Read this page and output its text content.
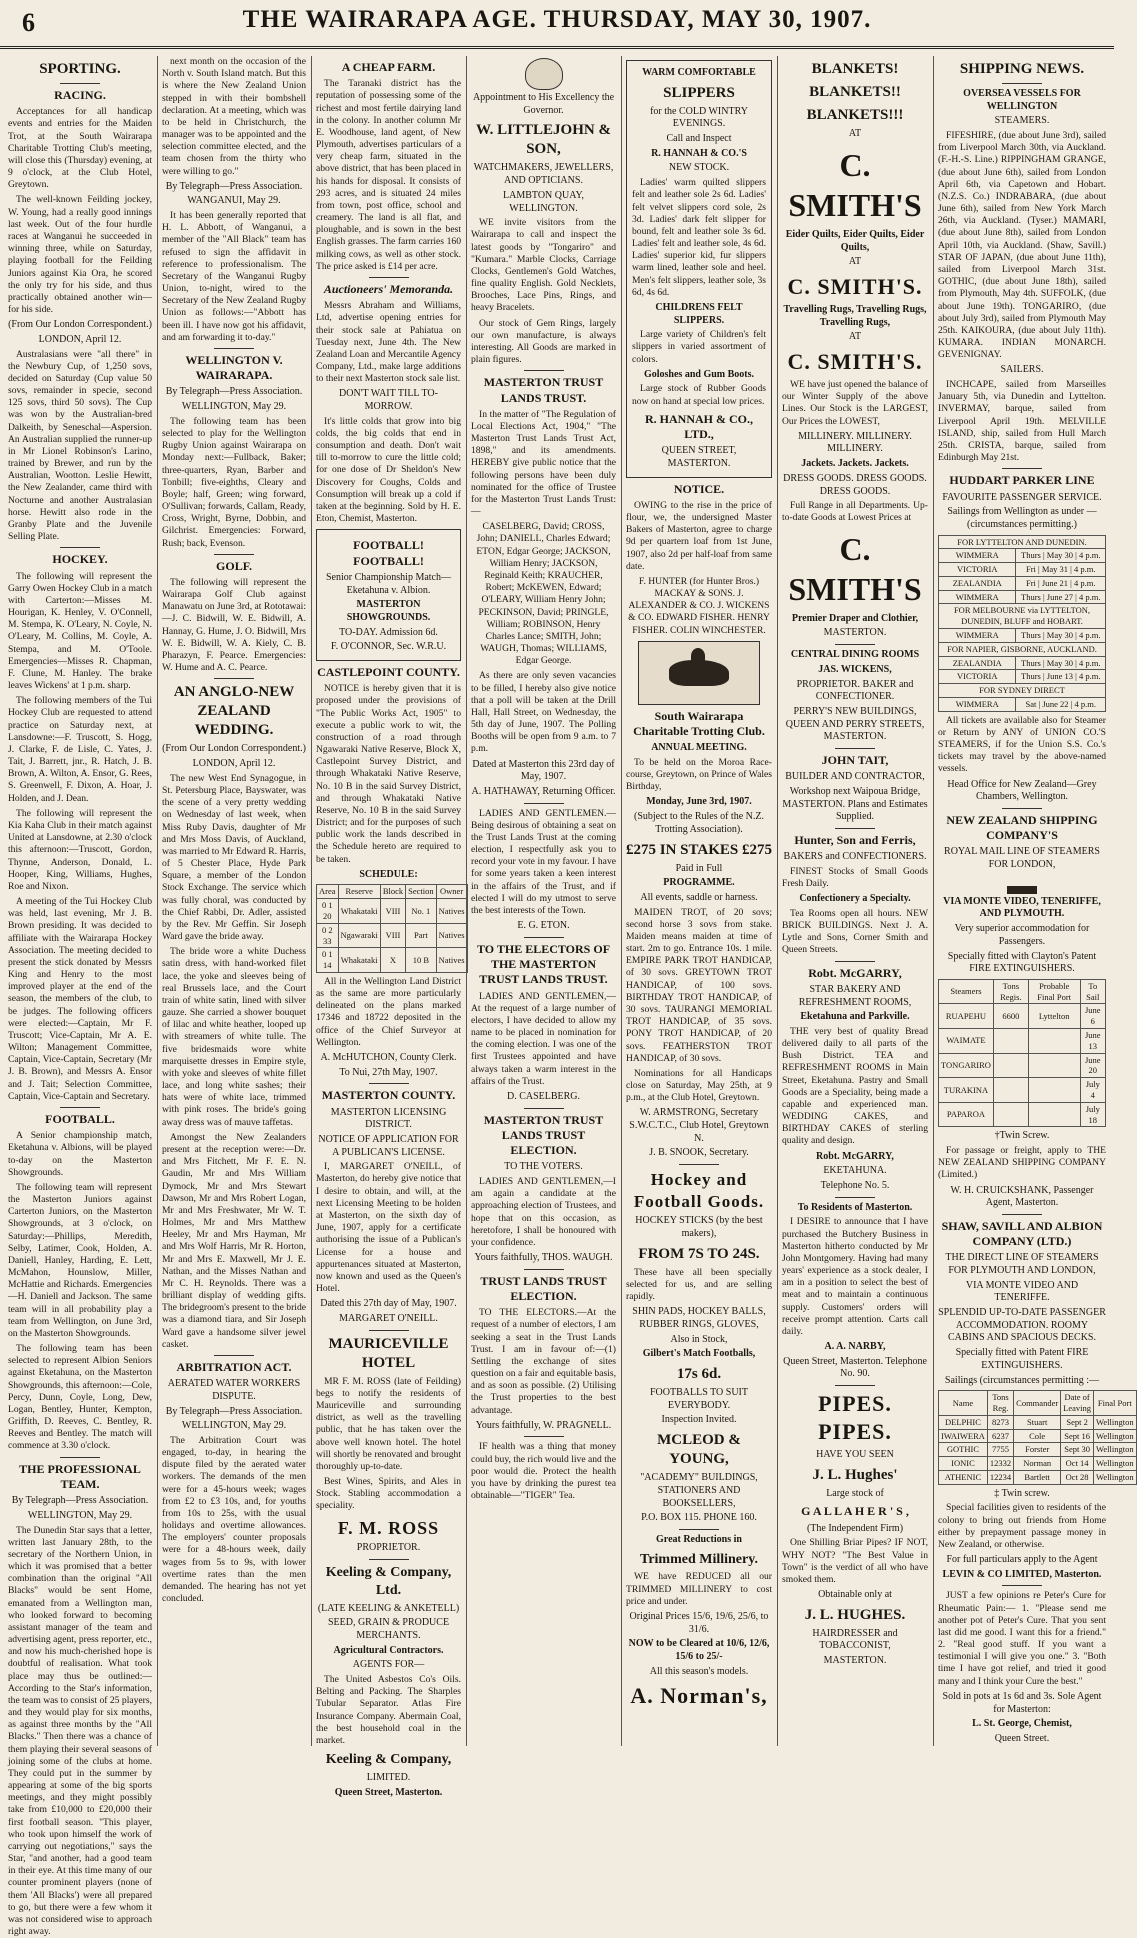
6	THE WAIRARAPA AGE. THURSDAY, MAY 30, 1907.
SPORTING.
RACING.

Acceptances for all handicap events and entries for the Maiden Trot, at the South Wairarapa Charitable Trotting Club's meeting, will close this (Thursday) evening, at 9 o'clock, at the Club Hotel, Greytown.

The well-known Feilding jockey, W. Young, had a really good innings last week. Out of the four hurdle races at Wanganui he succeeded in winning three, while on Saturday, playing football for the Feilding Juniors against Kia Ora, he scored the only try for his side, and thus practically obtained another win—for his side.

(From Our London Correspondent.)
LONDON, April 12.

Australasians were "all there" in the Newbury Cup, of 1,250 sovs, decided on Saturday (Cup value 50 sovs, remainder in specie, second 125 sovs, third 50 sovs). The Cup was won by the Australian-bred Dalkeith, by Seneschal—Aspersion. An Australian supplied the runner-up in Mr Lionel Robinson's Larino, trained by Brewer, and run by the Australian, Wootton. Leslie Hewitt, the New Zealander, came third with Nocturne and another Australasian horse. Hewitt also rode in the Granby Plate and the Juvenile Selling Plate.

HOCKEY.

The following will represent the Garry Owen Hockey Club in a match with Carterton:—Misses M. Hourigan, K. Henley, V. O'Connell, M. Stempa, K. O'Leary, N. Coyle, N. O'Leary, M. Collins, M. Coyle, A. Stempa, and M. O'Toole. Emergencies—Misses R. Chapman, F. Clune, M. Hanley. The brake leaves Wickens' at 1 p.m. sharp.

The following members of the Tui Hockey Club are requested to attend practice on Saturday next, at Lansdowne:—F. Truscott, S. Hogg, J. Clarke, F. de Lisle, C. Yates, J. Tait, J. Barrett, jnr., R. Hatch, J. B. Brown, A. Wilton, A. Ensor, G. Rees, S. Greenwell, F. Dixon, A. Hoar, J. Holden, and J. Dean.

The following will represent the Kia Kaha Club in their match against United at Lansdowne, at 2.30 o'clock this afternoon:—Truscott, Gordon, Thynne, Anderson, Donald, L. Hooper, King, Williams, Hughes, Roe and Nixon.

A meeting of the Tui Hockey Club was held, last evening, Mr J. B. Brown presiding. It was decided to affiliate with the Wairarapa Hockey Association. The meeting decided to present the stick donated by Messrs King and Henry to the most improved player at the end of the season, the members of the club, to be judges. The following officers were elected:—Captain, Mr F. Truscott; Vice-Captain, Mr A. E. Wilton; Management Committee, Captain, Vice-Captain, Secretary (Mr J. B. Brown), and Messrs A. Ensor and J. Tait; Selection Committee, Captain, Vice-Captain and Secretary.

FOOTBALL.

A Senior championship match, Eketahuna v. Albions, will be played to-day on the Masterton Showgrounds.

The following team will represent the Masterton Juniors against Carterton Juniors, on the Masterton Showgrounds, at 3 o'clock, on Saturday:—Phillips, Meredith, Selby, Latimer, Cook, Holden, A. Daniell, Hanley, Harding, E. Lett, McMahon, Hounslow, Miller, McHattie and Richards. Emergencies—H. Daniell and Jackson. The same team will in all probability play a team from Wellington, on June 3rd, on the Masterton Showgrounds.

The following team has been selected to represent Albion Seniors against Eketahuna, on the Masterton Showgrounds, this afternoon:—Cole, Percy, Dunn, Coyle, Long, Dew, Logan, Bentley, Hunter, Kempton, Griffith, D. Reeves, C. Bentley, R. Reeves and Bentley. The match will commence at 3.30 o'clock.

THE PROFESSIONAL TEAM.
By Telegraph—Press Association.
WELLINGTON, May 29.

The Dunedin Star says that a letter, written last January 28th, to the secretary of the Northern Union, in which it was promised that a better combination than the original "All Blacks" would be sent Home, emanated from a Wellington man, who looked forward to becoming assistant manager of the team and advertising agent, press reporter, etc., and now his much-cherished hope is doubtful of realisation. What took place may thus be outlined:—According to the Star's information, the team was to consist of 25 players, and they would play for six months, as against three months by the "All Blacks." Then there was a chance of them playing their several seasons of joining some of the clubs at home. They could put in the summer by appearing at some of the big sports meetings, and they might possibly take from £10,000 to £20,000 their first football season. "This player, who took upon himself the work of carrying out negotiations," says the Star, "and another, had a good team in their eye. At this time many of our counter prominent players (none of them 'All Blacks') were all prepared to go, but there were a few whom it was not considered wise to approach right away.

next month on the occasion of the North v. South Island match. But this is where the New Zealand Union stepped in with their bombshell declaration. At a meeting, which was to be held in Christchurch, the manager was to be appointed and the selection committee elected, and the team chosen from the thirty who were willing to go."

By Telegraph—Press Association.
WANGANUI, May 29.

It has been generally reported that H. L. Abbott, of Wanganui, a member of the "All Black" team has refused to sign the affidavit in reference to professionalism. The Secretary of the Wanganui Rugby Union, to-night, wired to the Secretary of the New Zealand Rugby Union as follows:—"Abbott has been ill. I have now got his affidavit, and am forwarding it to-day."

WELLINGTON V. WAIRARAPA.
By Telegraph—Press Association.
WELLINGTON, May 29.

The following team has been selected to play for the Wellington Rugby Union against Wairarapa on Monday next:—Fullback, Baker; three-quarters, Ryan, Barber and Tonbill; five-eighths, Cleary and Boyle; half, Green; wing forward, O'Sullivan; forwards, Callam, Ready, Cross, Wright, Byrne, Dobbin, and Gilchrist. Emergencies: Forward, Rush; back, Evenson.

GOLF.

The following will represent the Wairarapa Golf Club against Manawatu on June 3rd, at Rototawai:—J. C. Bidwill, W. E. Bidwill, A. Hannay, G. Hume, J. O. Bidwill, Mrs W. E. Bidwill, W. A. Kiely, C. B. Pharazyn, F. Pearce. Emergencies: W. Hume and A. C. Pearce.

AN ANGLO-NEW ZEALAND WEDDING.
(From Our London Correspondent.)
LONDON, April 12.

The new West End Synagogue, in St. Petersburg Place, Bayswater, was the scene of a very pretty wedding on Wednesday of last week, when Miss Ruby Davis, daughter of Mr and Mrs Moss Davis, of Auckland, was married to Mr Edward R. Harris, of 5 Chester Place, Hyde Park Square, a member of the London Stock Exchange. The service which was fully choral, was conducted by the Chief Rabbi, Dr. Adler, assisted by the Rev. Mr Geffin. Sir Joseph Ward gave the bride away.

The bride wore a white Duchess satin dress, with hand-worked filet lace, the yoke and sleeves being of real Brussels lace, and the Court train of white satin, lined with silver gauze. She carried a shower bouquet of lilac and white heather, looped up with streamers of white tulle. The five bridesmaids wore white marquisette dresses in Empire style, with yoke and sleeves of white fillet lace, and long white sashes; their hats were of white lace, trimmed with pink roses. The bride's going away dress was of mauve taffetas.

Amongst the New Zealanders present at the reception were:—Dr. and Mrs Fitchett, Mr F. E. N. Gaudin, Mr and Mrs William Dymock, Mr and Mrs Stewart Dawson, Mr and Mrs Robert Logan, Mr and Mrs Freshwater, Mr W. T. Holmes, Mr and Mrs Matthew Heeley, Mr and Mrs Hayman, Mr and Mrs Wolf Harris, Mr R. Horton, Mr and Mrs E. Maxwell, Mr J. E. Nathan, and the Misses Nathan and Mr C. H. Reynolds. There was a brilliant display of wedding gifts. The bridegroom's present to the bride was a diamond tiara, and Sir Joseph Ward gave a handsome silver jewel casket.

ARBITRATION ACT.
AERATED WATER WORKERS DISPUTE.
By Telegraph—Press Association.
WELLINGTON, May 29.

The Arbitration Court was engaged, to-day, in hearing the dispute filed by the aerated water workers. The demands of the men were for a 45-hours week; wages from £2 to £3 10s, and, for youths from 10s to 25s, with the usual holidays and overtime allowances. The employers' counter proposals were for a 48-hours week, daily wages from 5s to 9s, with lower overtime rates than the men demanded. The hearing has not yet concluded.

A CHEAP FARM.

The Taranaki district has the reputation of possessing some of the richest and most fertile dairying land in the colony. In another column Mr E. Woodhouse, land agent, of New Plymouth, advertises particulars of a very cheap farm, situated in the above district, that has been placed in his hands for disposal. It consists of 293 acres, and is situated 24 miles from town, post office, school and creamery. The land is all flat, and ploughable, and is sown in the best English grasses. The farm carries 160 milking cows, as well as other stock. The price asked is £14 per acre.

Auctioneers' Memoranda.

Messrs Abraham and Williams, Ltd, advertise opening entries for their stock sale at Pahiatua on Tuesday next, June 4th. The New Zealand Loan and Mercantile Agency Company, Ltd., make large additions to their next Masterton stock sale list.

DON'T WAIT TILL TO-MORROW.

It's little colds that grow into big colds, the big colds that end in consumption and death. Don't wait till to-morrow to cure the little cold; for one dose of Dr Sheldon's New Discovery for Coughs, Colds and Consumption will break up a cold if taken at the beginning. Sold by H. E. Eton, Chemist, Masterton.

FOOTBALL! FOOTBALL!
Senior Championship Match— Eketahuna v. Albion.
MASTERTON SHOWGROUNDS.
TO-DAY. Admission 6d.
F. O'CONNOR, Sec. W.R.U.
CASTLEPOINT COUNTY.

NOTICE is hereby given that it is proposed under the provisions of "The Public Works Act, 1905" to execute a public work to wit, the construction of a road through Ngawaraki Native Reserve, Block X, Castlepoint Survey District, and through Whakataki Native Reserve, No. 10 B in the said Survey District, and through Whakataki Native Reserve, No. 10 B in the said Survey District; and for the purposes of such public work the lands described in the Schedule hereto are required to be taken.

SCHEDULE:
Area	Reserve	Block	Section	Owner
0 1 20	Whakataki	VIII	No. 1	Natives
0 2 33	Ngawaraki	VIII	Part	Natives
0 1 14	Whakataki	X	10 B	Natives

All in the Wellington Land District as the same are more particularly delineated on the plans marked 17346 and 18722 deposited in the office of the Chief Surveyor at Wellington.

A. McHUTCHON, County Clerk.
To Nui, 27th May, 1907.
MASTERTON COUNTY.
MASTERTON LICENSING DISTRICT.
NOTICE OF APPLICATION FOR A PUBLICAN'S LICENSE.

I, MARGARET O'NEILL, of Masterton, do hereby give notice that I desire to obtain, and will, at the next Licensing Meeting to be holden at Masterton, on the sixth day of June, 1907, apply for a certificate authorising the issue of a Publican's License for a house and appurtenances situated at Masterton, now known and used as the Queen's Hotel.

Dated this 27th day of May, 1907.
MARGARET O'NEILL.
MAURICEVILLE HOTEL

MR F. M. ROSS (late of Feilding) begs to notify the residents of Mauriceville and surrounding district, as well as the travelling public, that he has taken over the above well known hotel. The hotel will shortly be renovated and brought thoroughly up-to-date.

Best Wines, Spirits, and Ales in Stock. Stabling accommodation a speciality.

F. M. ROSS
PROPRIETOR.
Keeling & Company, Ltd.
(LATE KEELING & ANKETELL)
SEED, GRAIN & PRODUCE MERCHANTS.
Agricultural Contractors.
AGENTS FOR—

The United Asbestos Co's Oils. Belting and Packing. The Sharples Tubular Separator. Atlas Fire Insurance Company. Abermain Coal, the best household coal in the market.

Keeling & Company,
LIMITED.
Queen Street, Masterton.
Appointment to His Excellency the Governor.
W. LITTLEJOHN & SON,
WATCHMAKERS, JEWELLERS, AND OPTICIANS.
LAMBTON QUAY, WELLINGTON.

WE invite visitors from the Wairarapa to call and inspect the latest goods by "Tongariro" and "Kumara." Marble Clocks, Carriage Clocks, Gentlemen's Gold Watches, fine quality English. Gold Necklets, Brooches, Lace Pins, Rings, and heavy Bracelets.

Our stock of Gem Rings, largely our own manufacture, is always interesting. All Goods are marked in plain figures.

MASTERTON TRUST LANDS TRUST.

In the matter of "The Regulation of Local Elections Act, 1904," "The Masterton Trust Lands Trust Act, 1898," and its amendments. HEREBY give public notice that the following persons have been duly nominated for the office of Trustee for the Masterton Trust Lands Trust:—

CASELBERG, David; CROSS, John; DANIELL, Charles Edward; ETON, Edgar George; JACKSON, William Henry; JACKSON, Reginald Keith; KRAUCHER, Robert; McKEWEN, Edward; O'LEARY, William Henry John; PECKINSON, David; PRINGLE, William; ROBINSON, Henry Charles Lance; SMITH, John; WAUGH, Thomas; WILLIAMS, Edgar George.

As there are only seven vacancies to be filled, I hereby also give notice that a poll will be taken at the Drill Hall, Hall Street, on Wednesday, the 5th day of June, 1907. The Polling Booths will be open from 9 a.m. to 7 p.m.

Dated at Masterton this 23rd day of May, 1907.
A. HATHAWAY, Returning Officer.

LADIES AND GENTLEMEN.—Being desirous of obtaining a seat on the Trust Lands Trust at the coming election, I respectfully ask you to record your vote in my favour. I have for some years taken a keen interest in the affairs of the Trust, and if elected I will do my utmost to serve the best interests of the Town.

E. G. ETON.
TO THE ELECTORS OF THE MASTERTON TRUST LANDS TRUST.

LADIES AND GENTLEMEN,—At the request of a large number of electors, I have decided to allow my name to be placed in nomination for the coming election. I was one of the first Trustees appointed and have always taken a warm interest in the affairs of the Trust.

D. CASELBERG.
MASTERTON TRUST LANDS TRUST ELECTION.
TO THE VOTERS.

LADIES AND GENTLEMEN,—I am again a candidate at the approaching election of Trustees, and hope that on this occasion, as heretofore, I shall be honoured with your confidence.

Yours faithfully, THOS. WAUGH.
TRUST LANDS TRUST ELECTION.

TO THE ELECTORS.—At the request of a number of electors, I am seeking a seat in the Trust Lands Trust. I am in favour of:—(1) Settling the exchange of sites question on a fair and equitable basis, and as soon as possible. (2) Utilising the Trust properties to the best advantage.

Yours faithfully, W. PRAGNELL.

IF health was a thing that money could buy, the rich would live and the poor would die. Protect the health you have by drinking the purest tea obtainable—"TIGER" Tea.

WARM COMFORTABLE
SLIPPERS
for the COLD WINTRY EVENINGS.
Call and Inspect
R. HANNAH & CO.'S
NEW STOCK.

Ladies' warm quilted slippers felt and leather sole 2s 6d. Ladies' felt velvet slippers cord sole, 2s 3d. Ladies' dark felt slipper for bound, felt and leather sole 3s 6d. Ladies' felt and leather sole, 4s 6d. Ladies' superior kid, fur slippers warm lined, leather sole and heel. Men's felt slippers, leather sole, 3s 6d, 4s 6d.

CHILDRENS FELT SLIPPERS.

Large variety of Children's felt slippers in varied assortment of colors.

Goloshes and Gum Boots.

Large stock of Rubber Goods now on hand at special low prices.

R. HANNAH & CO., LTD.,
QUEEN STREET, MASTERTON.
NOTICE.

OWING to the rise in the price of flour, we, the undersigned Master Bakers of Masterton, agree to charge 9d per quartern loaf from 1st June, 1907, also 2d per half-loaf from same date.

F. HUNTER (for Hunter Bros.) MACKAY & SONS. J. ALEXANDER & CO. J. WICKENS & CO. EDWARD FISHER. HENRY FISHER. COLIN WINCHESTER.

South Wairarapa Charitable Trotting Club.
ANNUAL MEETING.

To be held on the Moroa Race-course, Greytown, on Prince of Wales Birthday,

Monday, June 3rd, 1907.
(Subject to the Rules of the N.Z. Trotting Association).
£275 IN STAKES £275
Paid in Full
PROGRAMME.
All events, saddle or harness.

MAIDEN TROT, of 20 sovs; second horse 3 sovs from stake. Maiden means maiden at time of start. 2m to go. Entrance 10s. 1 mile. EMPIRE PARK TROT HANDICAP, of 30 sovs. GREYTOWN TROT HANDICAP, of 100 sovs. BIRTHDAY TROT HANDICAP, of 30 sovs. TAURANGI MEMORIAL TROT HANDICAP, of 35 sovs. PONY TROT HANDICAP, of 20 sovs. FEATHERSTON TROT HANDICAP, of 30 sovs.

Nominations for all Handicaps close on Saturday, May 25th, at 9 p.m., at the Club Hotel, Greytown.

W. ARMSTRONG, Secretary S.W.C.T.C., Club Hotel, Greytown N.
J. B. SNOOK, Secretary.
Hockey and Football Goods.
HOCKEY STICKS (by the best makers),
FROM 7S TO 24S.

These have all been specially selected for us, and are selling rapidly.

SHIN PADS, HOCKEY BALLS, RUBBER RINGS, GLOVES,
Also in Stock,
Gilbert's Match Footballs,
17s 6d.
FOOTBALLS TO SUIT EVERYBODY.
Inspection Invited.
MCLEOD & YOUNG,
"ACADEMY" BUILDINGS, STATIONERS AND BOOKSELLERS,
P.O. BOX 115. PHONE 160.
Great Reductions in
Trimmed Millinery.

WE have REDUCED all our TRIMMED MILLINERY to cost price and under.

Original Prices 15/6, 19/6, 25/6, to 31/6.
NOW to be Cleared at 10/6, 12/6, 15/6 to 25/-
All this season's models.
A. Norman's,
BLANKETS!
BLANKETS!!
BLANKETS!!!
AT
C. SMITH'S
Eider Quilts, Eider Quilts, Eider Quilts,
AT
C. SMITH'S.
Travelling Rugs, Travelling Rugs, Travelling Rugs,
AT
C. SMITH'S.

WE have just opened the balance of our Winter Supply of the above Lines. Our Stock is the LARGEST, Our Prices the LOWEST,

MILLINERY. MILLINERY. MILLINERY.
Jackets. Jackets. Jackets.
DRESS GOODS. DRESS GOODS. DRESS GOODS.

Full Range in all Departments. Up-to-date Goods at Lowest Prices at

C. SMITH'S
Premier Draper and Clothier,
MASTERTON.
CENTRAL DINING ROOMS
JAS. WICKENS,
PROPRIETOR. BAKER and CONFECTIONER.
PERRY'S NEW BUILDINGS, QUEEN AND PERRY STREETS, MASTERTON.
JOHN TAIT,
BUILDER AND CONTRACTOR,
Workshop next Waipoua Bridge, MASTERTON. Plans and Estimates Supplied.
Hunter, Son and Ferris,
BAKERS and CONFECTIONERS.

FINEST Stocks of Small Goods Fresh Daily.

Confectionery a Specialty.

Tea Rooms open all hours. NEW BRICK BUILDINGS. Next J. A. Lytle and Sons, Corner Smith and Queen Streets.

Robt. McGARRY,
STAR BAKERY AND REFRESHMENT ROOMS,
Eketahuna and Parkville.

THE very best of quality Bread delivered daily to all parts of the Bush District. TEA and REFRESHMENT ROOMS in Main Street, Eketahuna. Pastry and Small Goods are a Speciality, being made a capable and experienced man. WEDDING CAKES, and BIRTHDAY CAKES of sterling quality and design.

Robt. McGARRY,
EKETAHUNA.
Telephone No. 5.
To Residents of Masterton.

I DESIRE to announce that I have purchased the Butchery Business in Masterton hitherto conducted by Mr John Montgomery. Having had many years' experience as a stock dealer, I am in a position to select the best of meat and to maintain a continuous supply. Customers' orders will receive prompt attention. Carts call daily.

A. A. NARBY,
Queen Street, Masterton. Telephone No. 90.
PIPES. PIPES.
HAVE YOU SEEN
J. L. Hughes'
Large stock of
G A L L A H E R ' S ,
(The Independent Firm)

One Shilling Briar Pipes? IF NOT, WHY NOT? "The Best Value in Town" is the verdict of all who have smoked them.

Obtainable only at
J. L. HUGHES.
HAIRDRESSER and TOBACCONIST,
MASTERTON.
SHIPPING NEWS.
OVERSEA VESSELS FOR WELLINGTON
STEAMERS.

FIFESHIRE, (due about June 3rd), sailed from Liverpool March 30th, via Auckland. (F.-H.-S. Line.) RIPPINGHAM GRANGE, (due about June 6th), sailed from London April 6th, via Capetown and Hobart. (N.Z.S. Co.) INDRABARA, (due about June 6th), sailed from New York March 26th, via Auckland. (Tyser.) MAMARI, (due about June 8th), sailed from London April 10th, via Auckland. (Shaw, Savill.) STAR OF JAPAN, (due about June 11th), sailed from Liverpool March 31st. GOTHIC, (due about June 18th), sailed from Plymouth, May 4th. SUFFOLK, (due about June 19th). TONGARIRO, (due about July 3rd), sailed from Plymouth May 25th. KAIKOURA, (due about July 11th). KUMARA. INDIAN MONARCH. GEVENIGNAY.

SAILERS.

INCHCAPE, sailed from Marseilles January 5th, via Dunedin and Lyttelton. INVERMAY, barque, sailed from Liverpool April 19th. MELVILLE ISLAND, ship, sailed from Hull March 25th. CRISTA, barque, sailed from Edinburgh May 21st.

HUDDART PARKER LINE
FAVOURITE PASSENGER SERVICE.
Sailings from Wellington as under — (circumstances permitting.)
FOR LYTTELTON AND DUNEDIN.	
WIMMERA	Thurs | May 30 | 4 p.m.
VICTORIA	Fri | May 31 | 4 p.m.
ZEALANDIA	Fri | June 21 | 4 p.m.
WIMMERA	Thurs | June 27 | 4 p.m.
FOR MELBOURNE via LYTTELTON, DUNEDIN, BLUFF and HOBART.	
WIMMERA	Thurs | May 30 | 4 p.m.
FOR NAPIER, GISBORNE, AUCKLAND.	
ZEALANDIA	Thurs | May 30 | 4 p.m.
VICTORIA	Thurs | June 13 | 4 p.m.
FOR SYDNEY DIRECT	
WIMMERA	Sat | June 22 | 4 p.m.

All tickets are available also for Steamer or Return by ANY of UNION CO.'S STEAMERS, if for the Union S.S. Co.'s tickets may travel by the above-named vessels.

Head Office for New Zealand—Grey Chambers, Wellington.
NEW ZEALAND SHIPPING COMPANY'S
ROYAL MAIL LINE OF STEAMERS FOR LONDON,
VIA MONTE VIDEO, TENERIFFE, AND PLYMOUTH.
Very superior accommodation for Passengers.
Specially fitted with Clayton's Patent FIRE EXTINGUISHERS.
Steamers	Tons Regis.	Probable Final Port	To Sail
RUAPEHU	6600	Lyttelton	June 6
WAIMATE			June 13
TONGARIRO			June 20
TURAKINA			July 4
PAPAROA			July 18
†Twin Screw.

For passage or freight, apply to THE NEW ZEALAND SHIPPING COMPANY (Limited.)

W. H. CRUICKSHANK, Passenger Agent, Masterton.
SHAW, SAVILL AND ALBION COMPANY (LTD.)
THE DIRECT LINE OF STEAMERS FOR PLYMOUTH AND LONDON,
VIA MONTE VIDEO AND TENERIFFE.
SPLENDID UP-TO-DATE PASSENGER ACCOMMODATION. ROOMY CABINS AND SPACIOUS DECKS.
Specially fitted with Patent FIRE EXTINGUISHERS.
Sailings (circumstances permitting :—
Name	Tons Reg.	Commander	Date of Leaving	Final Port
DELPHIC	8273	Stuart	Sept 2	Wellington
IWAIWERA	6237	Cole	Sept 16	Wellington
GOTHIC	7755	Forster	Sept 30	Wellington
IONIC	12332	Norman	Oct 14	Wellington
ATHENIC	12234	Bartlett	Oct 28	Wellington
‡ Twin screw.

Special facilities given to residents of the colony to bring out friends from Home either by prepayment passage money in New Zealand, or otherwise.

For full particulars apply to the Agent
LEVIN & CO LIMITED, Masterton.

JUST a few opinions re Peter's Cure for Rheumatic Pain:— 1. "Please send me another pot of Peter's Cure. That you sent last did me good. I want this for a friend." 2. "Real good stuff. If you want a testimonial I will give you one." 3. "Both time I have got relief, and tried it good many and I think your Cure the best."

Sold in pots at 1s 6d and 3s. Sole Agent for Masterton:
L. St. George, Chemist,
Queen Street.
